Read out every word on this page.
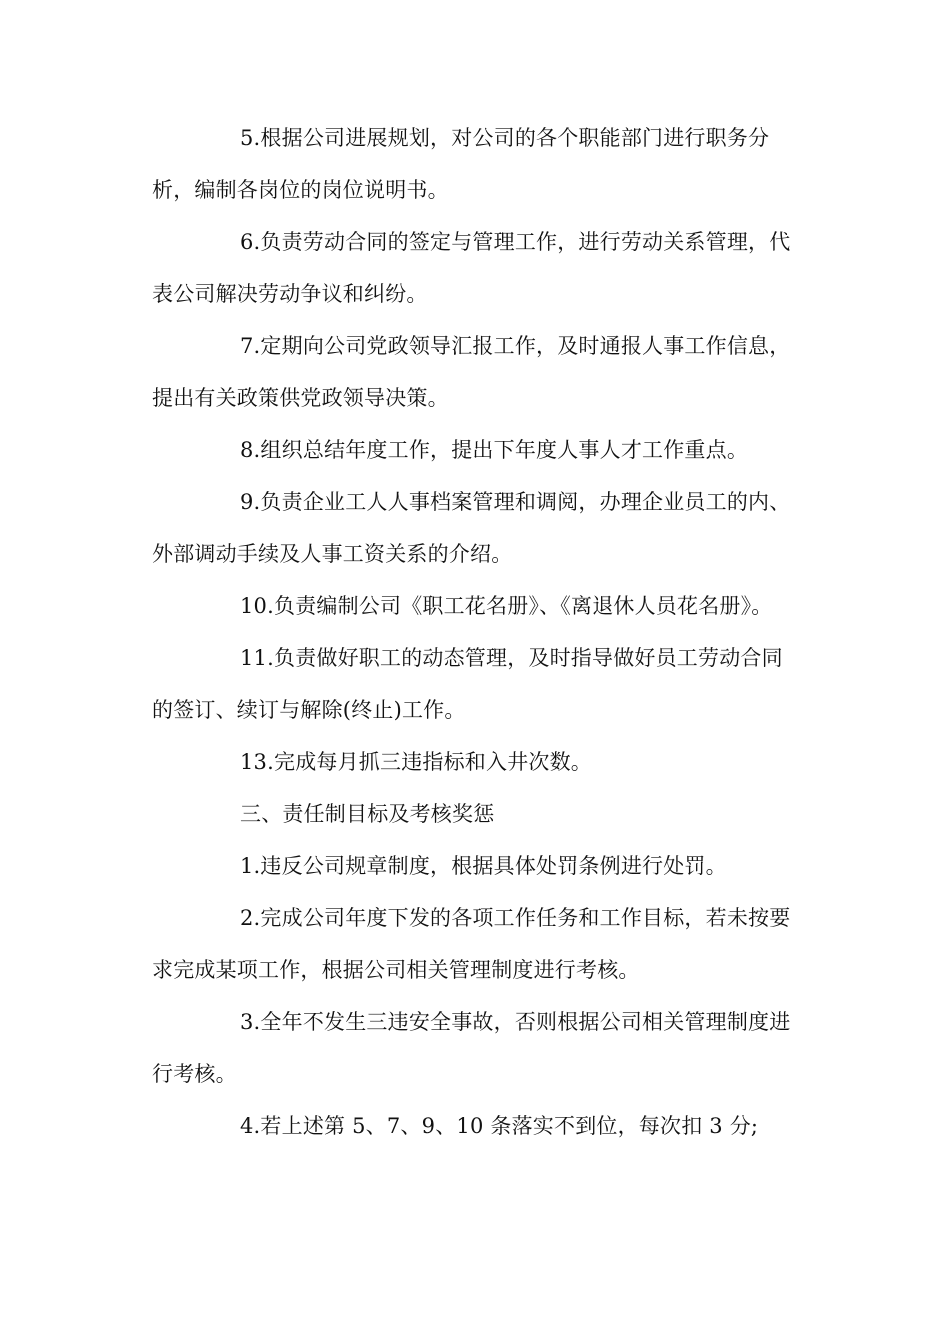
5.根据公司进展规划，对公司的各个职能部门进行职务分析，编制各岗位的岗位说明书。

6.负责劳动合同的签定与管理工作，进行劳动关系管理，代表公司解决劳动争议和纠纷。

7.定期向公司党政领导汇报工作，及时通报人事工作信息，提出有关政策供党政领导决策。

8.组织总结年度工作，提出下年度人事人才工作重点。

9.负责企业工人人事档案管理和调阅，办理企业员工的内、外部调动手续及人事工资关系的介绍。

10.负责编制公司《职工花名册》、《离退休人员花名册》。

11.负责做好职工的动态管理，及时指导做好员工劳动合同的签订、续订与解除(终止)工作。

13.完成每月抓三违指标和入井次数。

三、责任制目标及考核奖惩

1.违反公司规章制度，根据具体处罚条例进行处罚。

2.完成公司年度下发的各项工作任务和工作目标，若未按要求完成某项工作，根据公司相关管理制度进行考核。

3.全年不发生三违安全事故，否则根据公司相关管理制度进行考核。

4.若上述第 5、7、9、10 条落实不到位，每次扣 3 分;
